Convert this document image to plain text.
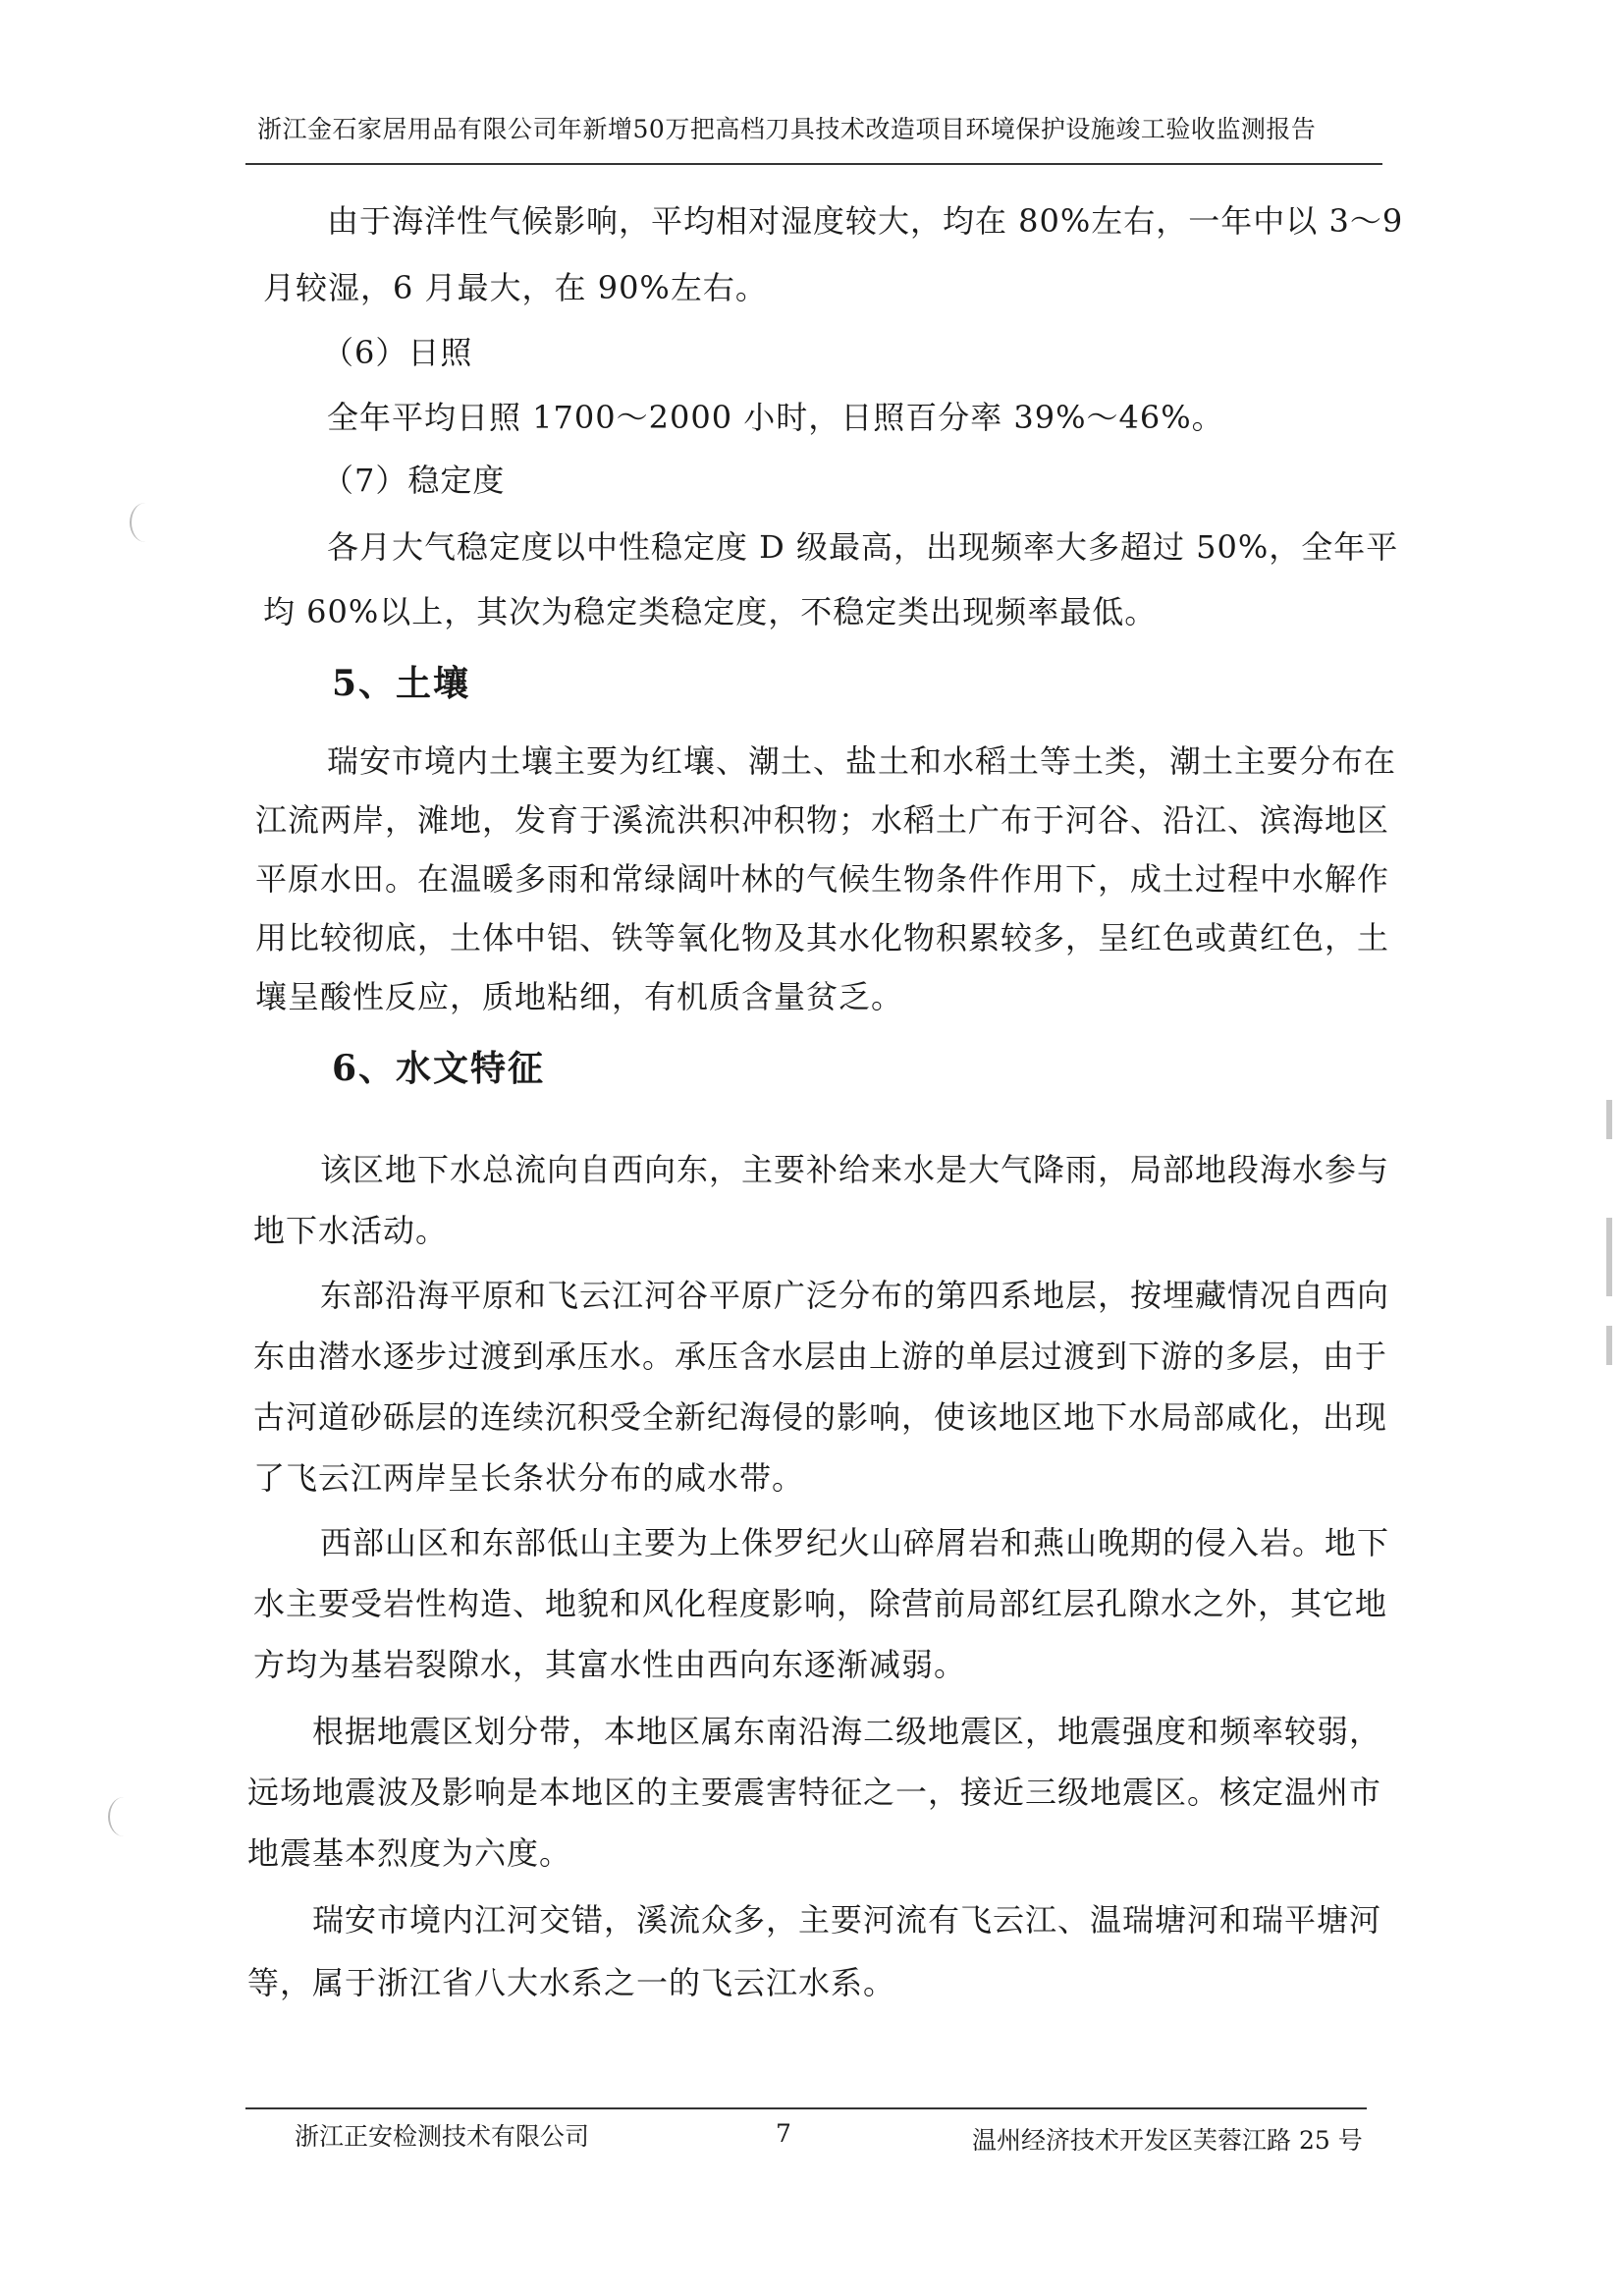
浙江金石家居用品有限公司年新增50万把高档刀具技术改造项目环境保护设施竣工验收监测报告
由于海洋性气候影响，平均相对湿度较大，均在 80%左右，一年中以 3～9
月较湿，6 月最大，在 90%左右。
（6）日照
全年平均日照 1700～2000 小时，日照百分率 39%～46%。
（7）稳定度
各月大气稳定度以中性稳定度 D 级最高，出现频率大多超过 50%，全年平
均 60%以上，其次为稳定类稳定度，不稳定类出现频率最低。
5、土壤
瑞安市境内土壤主要为红壤、潮土、盐土和水稻土等土类，潮土主要分布在
江流两岸，滩地，发育于溪流洪积冲积物；水稻土广布于河谷、沿江、滨海地区
平原水田。在温暖多雨和常绿阔叶林的气候生物条件作用下，成土过程中水解作
用比较彻底，土体中铝、铁等氧化物及其水化物积累较多，呈红色或黄红色，土
壤呈酸性反应，质地粘细，有机质含量贫乏。
6、水文特征
该区地下水总流向自西向东，主要补给来水是大气降雨，局部地段海水参与
地下水活动。
东部沿海平原和飞云江河谷平原广泛分布的第四系地层，按埋藏情况自西向
东由潜水逐步过渡到承压水。承压含水层由上游的单层过渡到下游的多层，由于
古河道砂砾层的连续沉积受全新纪海侵的影响，使该地区地下水局部咸化，出现
了飞云江两岸呈长条状分布的咸水带。
西部山区和东部低山主要为上侏罗纪火山碎屑岩和燕山晚期的侵入岩。地下
水主要受岩性构造、地貌和风化程度影响，除营前局部红层孔隙水之外，其它地
方均为基岩裂隙水，其富水性由西向东逐渐减弱。
根据地震区划分带，本地区属东南沿海二级地震区，地震强度和频率较弱，
远场地震波及影响是本地区的主要震害特征之一，接近三级地震区。核定温州市
地震基本烈度为六度。
瑞安市境内江河交错，溪流众多，主要河流有飞云江、温瑞塘河和瑞平塘河
等，属于浙江省八大水系之一的飞云江水系。
浙江正安检测技术有限公司	7	温州经济技术开发区芙蓉江路 25 号
